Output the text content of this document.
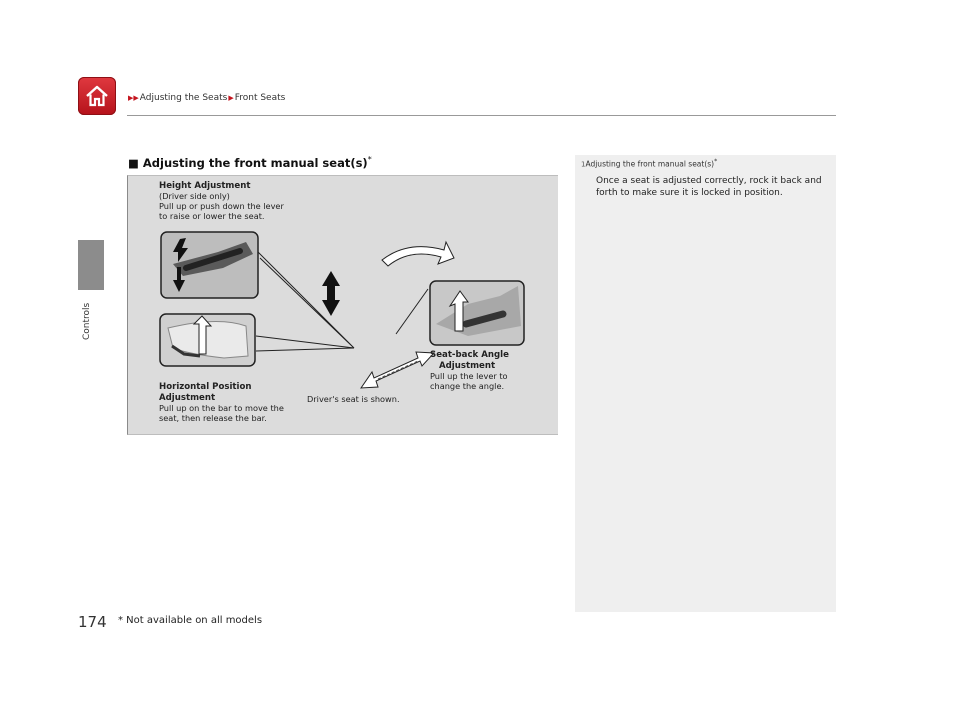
▶▶Adjusting the Seats▶Front Seats
Controls
■ Adjusting the front manual seat(s)*
Height Adjustment
(Driver side only)
Pull up or push down the lever
to raise or lower the seat.
Horizontal Position
Adjustment
Pull up on the bar to move the
seat, then release the bar.
Seat-back Angle
Adjustment
Pull up the lever to
change the angle.
Driver's seat is shown.
1Adjusting the front manual seat(s)*
Once a seat is adjusted correctly, rock it back and forth to make sure it is locked in position.
174 * Not available on all models
